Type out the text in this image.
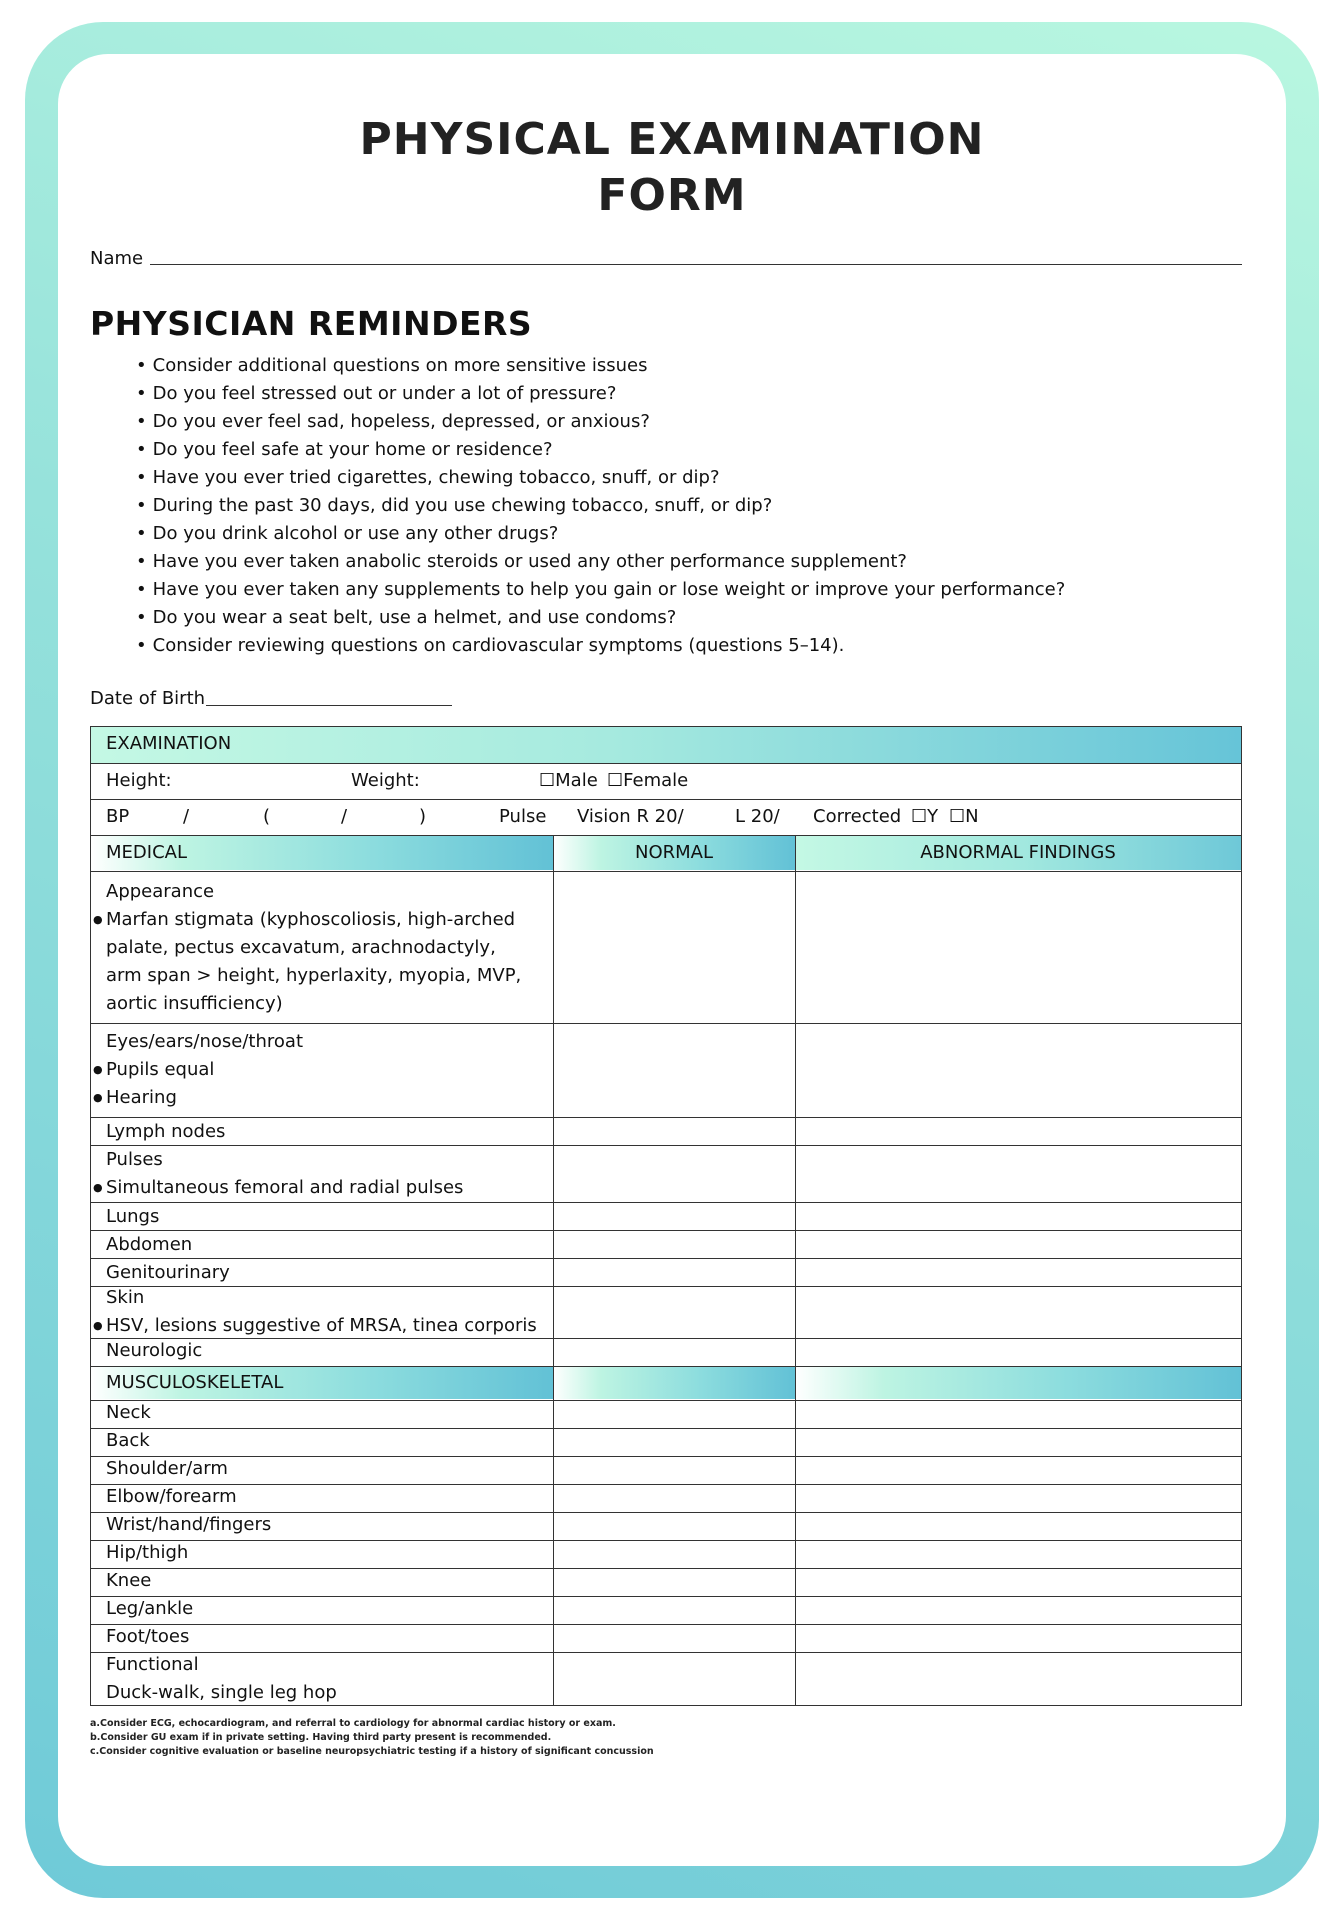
PHYSICAL EXAMINATION
FORM
Name
PHYSICIAN REMINDERS
• Consider additional questions on more sensitive issues
• Do you feel stressed out or under a lot of pressure?
• Do you ever feel sad, hopeless, depressed, or anxious?
• Do you feel safe at your home or residence?
• Have you ever tried cigarettes, chewing tobacco, snuff, or dip?
• During the past 30 days, did you use chewing tobacco, snuff, or dip?
• Do you drink alcohol or use any other drugs?
• Have you ever taken anabolic steroids or used any other performance supplement?
• Have you ever taken any supplements to help you gain or lose weight or improve your performance?
• Do you wear a seat belt, use a helmet, and use condoms?
• Consider reviewing questions on cardiovascular symptoms (questions 5–14).
Date of Birth
EXAMINATION
Height:	Weight:	☐Male ☐Female
BP	/	(	/	)	Pulse Vision R 20/	L 20/ Corrected ☐Y ☐N
MEDICAL	NORMAL	ABNORMAL FINDINGS
Appearance
● Marfan stigmata (kyphoscoliosis, high-arched
palate, pectus excavatum, arachnodactyly,
arm span > height, hyperlaxity, myopia, MVP,
aortic insufficiency)
Eyes/ears/nose/throat
● Pupils equal
● Hearing
Lymph nodes
Pulses
● Simultaneous femoral and radial pulses
Lungs
Abdomen
Genitourinary
Skin
● HSV, lesions suggestive of MRSA, tinea corporis
Neurologic
MUSCULOSKELETAL
Neck
Back
Shoulder/arm
Elbow/forearm
Wrist/hand/fingers
Hip/thigh
Knee
Leg/ankle
Foot/toes
Functional
Duck-walk, single leg hop
a.Consider ECG, echocardiogram, and referral to cardiology for abnormal cardiac history or exam.
b.Consider GU exam if in private setting. Having third party present is recommended.
c.Consider cognitive evaluation or baseline neuropsychiatric testing if a history of significant concussion
